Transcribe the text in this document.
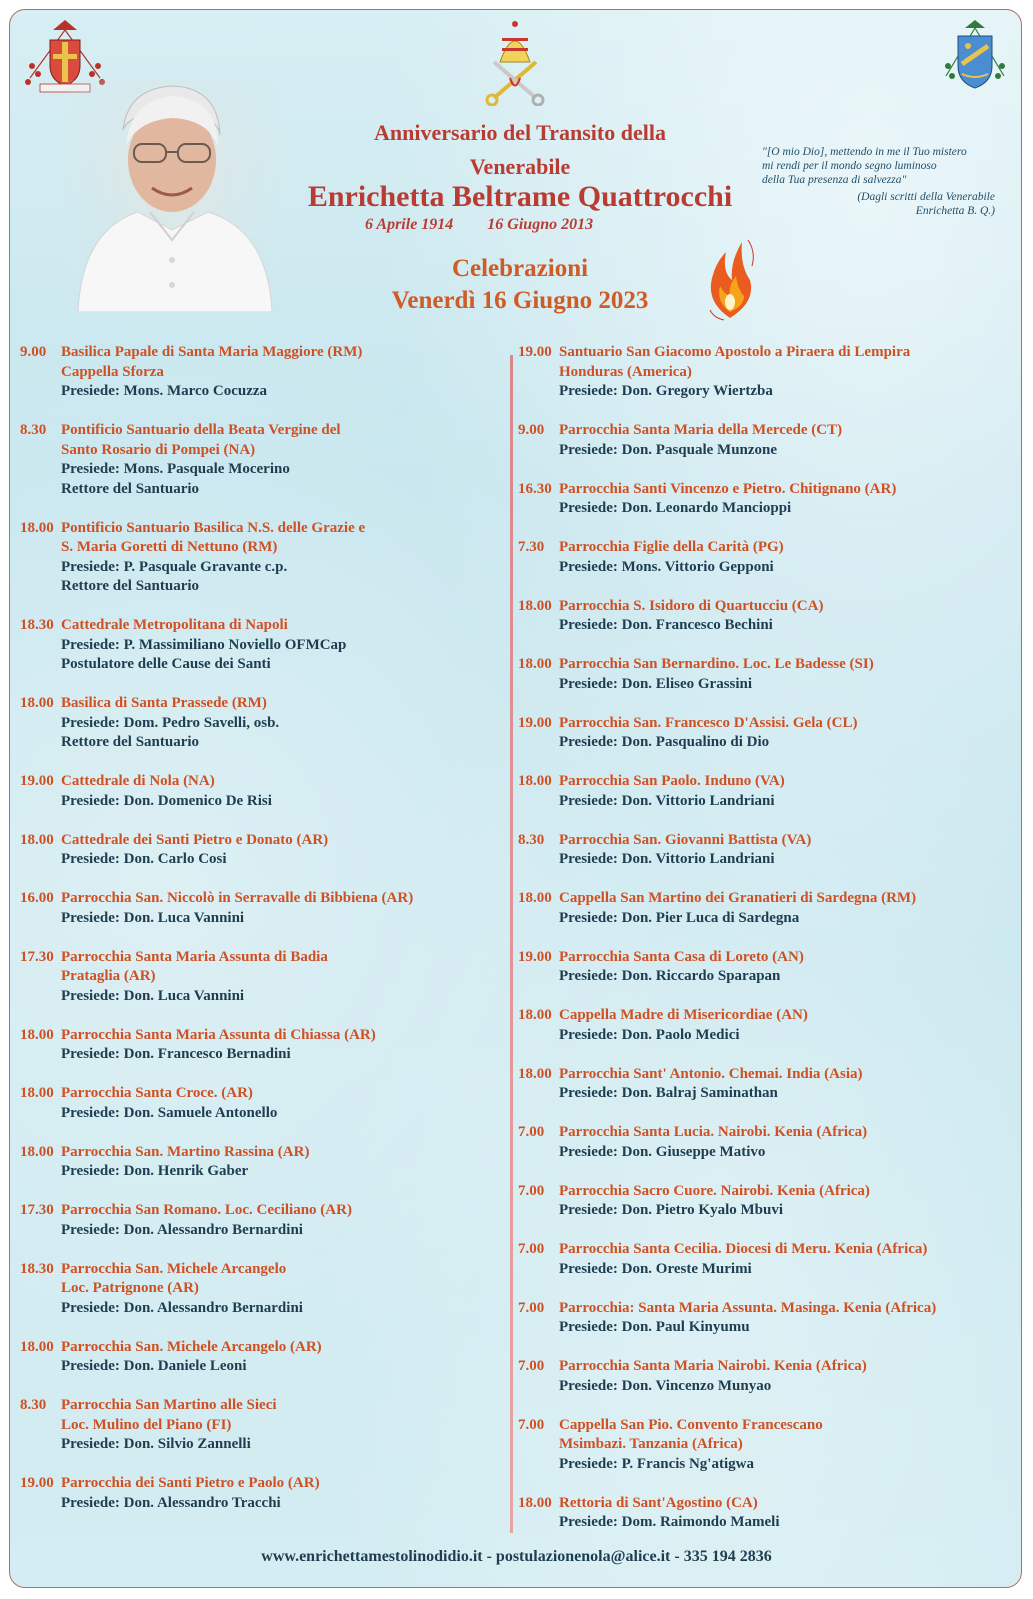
Anniversario del Transito della
Venerabile
Enrichetta Beltrame Quattrocchi
6 Aprile 1914 16 Giugno 2013
Celebrazioni
Venerdì 16 Giugno 2023
"[O mio Dio], mettendo in me il Tuo mistero
mi rendi per il mondo segno luminoso
della Tua presenza di salvezza"
(Dagli scritti della Venerabile
Enrichetta B. Q.)
9.00 Basilica Papale di Santa Maria Maggiore (RM)
Cappella Sforza
Presiede: Mons. Marco Cocuzza
8.30 Pontificio Santuario della Beata Vergine del
Santo Rosario di Pompei (NA)
Presiede: Mons. Pasquale Mocerino
Rettore del Santuario
18.00 Pontificio Santuario Basilica N.S. delle Grazie e
S. Maria Goretti di Nettuno (RM)
Presiede: P. Pasquale Gravante c.p.
Rettore del Santuario
18.30 Cattedrale Metropolitana di Napoli
Presiede: P. Massimiliano Noviello OFMCap
Postulatore delle Cause dei Santi
18.00 Basilica di Santa Prassede (RM)
Presiede: Dom. Pedro Savelli, osb.
Rettore del Santuario
19.00 Cattedrale di Nola (NA)
Presiede: Don. Domenico De Risi
18.00 Cattedrale dei Santi Pietro e Donato (AR)
Presiede: Don. Carlo Cosi
16.00 Parrocchia San. Niccolò in Serravalle di Bibbiena (AR)
Presiede: Don. Luca Vannini
17.30 Parrocchia Santa Maria Assunta di Badia
Prataglia (AR)
Presiede: Don. Luca Vannini
18.00 Parrocchia Santa Maria Assunta di Chiassa (AR)
Presiede: Don. Francesco Bernadini
18.00 Parrocchia Santa Croce. (AR)
Presiede: Don. Samuele Antonello
18.00 Parrocchia San. Martino Rassina (AR)
Presiede: Don. Henrik Gaber
17.30 Parrocchia San Romano. Loc. Ceciliano (AR)
Presiede: Don. Alessandro Bernardini
18.30 Parrocchia San. Michele Arcangelo
Loc. Patrignone (AR)
Presiede: Don. Alessandro Bernardini
18.00 Parrocchia San. Michele Arcangelo (AR)
Presiede: Don. Daniele Leoni
8.30 Parrocchia San Martino alle Sieci
Loc. Mulino del Piano (FI)
Presiede: Don. Silvio Zannelli
19.00 Parrocchia dei Santi Pietro e Paolo (AR)
Presiede: Don. Alessandro Tracchi
19.00 Santuario San Giacomo Apostolo a Piraera di Lempira
Honduras (America)
Presiede: Don. Gregory Wiertzba
9.00 Parrocchia Santa Maria della Mercede (CT)
Presiede: Don. Pasquale Munzone
16.30 Parrocchia Santi Vincenzo e Pietro. Chitignano (AR)
Presiede: Don. Leonardo Mancioppi
7.30 Parrocchia Figlie della Carità (PG)
Presiede: Mons. Vittorio Gepponi
18.00 Parrocchia S. Isidoro di Quartucciu (CA)
Presiede: Don. Francesco Bechini
18.00 Parrocchia San Bernardino. Loc. Le Badesse (SI)
Presiede: Don. Eliseo Grassini
19.00 Parrocchia San. Francesco D'Assisi. Gela (CL)
Presiede: Don. Pasqualino di Dio
18.00 Parrocchia San Paolo. Induno (VA)
Presiede: Don. Vittorio Landriani
8.30 Parrocchia San. Giovanni Battista (VA)
Presiede: Don. Vittorio Landriani
18.00 Cappella San Martino dei Granatieri di Sardegna (RM)
Presiede: Don. Pier Luca di Sardegna
19.00 Parrocchia Santa Casa di Loreto (AN)
Presiede: Don. Riccardo Sparapan
18.00 Cappella Madre di Misericordiae (AN)
Presiede: Don. Paolo Medici
18.00 Parrocchia Sant' Antonio. Chemai. India (Asia)
Presiede: Don. Balraj Saminathan
7.00 Parrocchia Santa Lucia. Nairobi. Kenia (Africa)
Presiede: Don. Giuseppe Mativo
7.00 Parrocchia Sacro Cuore. Nairobi. Kenia (Africa)
Presiede: Don. Pietro Kyalo Mbuvi
7.00 Parrocchia Santa Cecilia. Diocesi di Meru. Kenia (Africa)
Presiede: Don. Oreste Murimi
7.00 Parrocchia: Santa Maria Assunta. Masinga. Kenia (Africa)
Presiede: Don. Paul Kinyumu
7.00 Parrocchia Santa Maria Nairobi. Kenia (Africa)
Presiede: Don. Vincenzo Munyao
7.00 Cappella San Pio. Convento Francescano
Msimbazi. Tanzania (Africa)
Presiede: P. Francis Ng'atigwa
18.00 Rettoria di Sant'Agostino (CA)
Presiede: Dom. Raimondo Mameli
www.enrichettamestolinodidio.it - postulazionenola@alice.it - 335 194 2836
